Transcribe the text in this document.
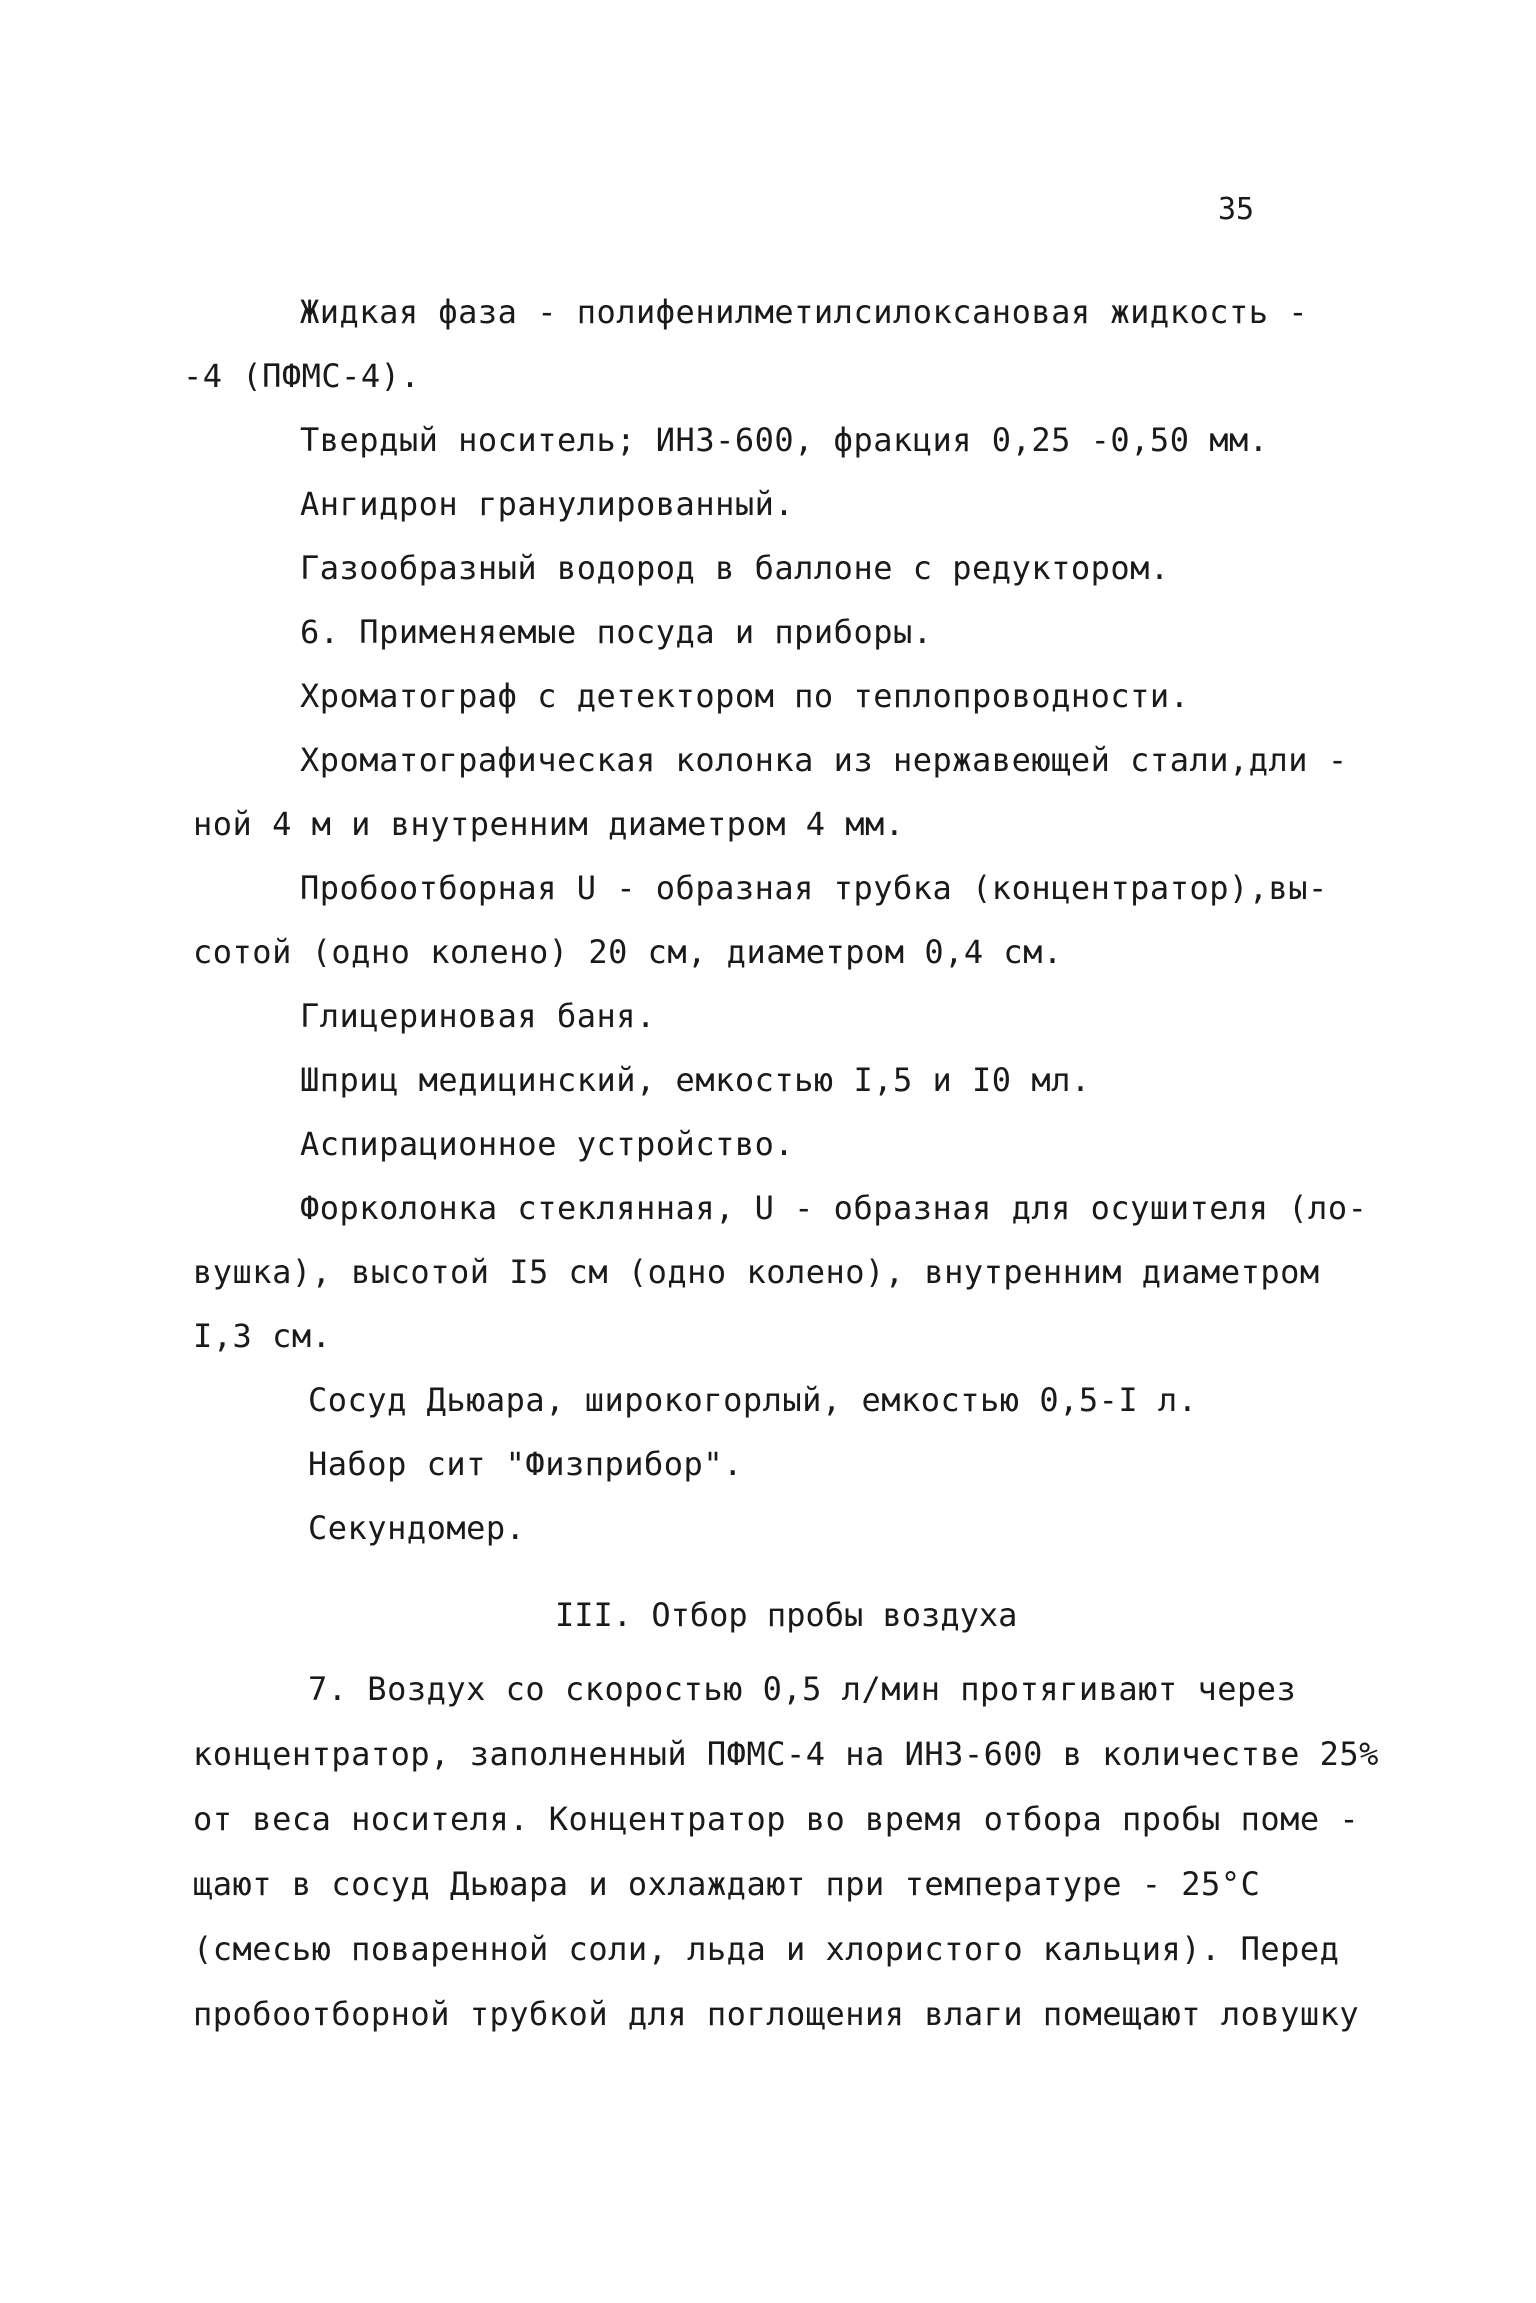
35
Жидкая фаза - полифенилметилсилоксановая жидкость -
-4 (ПФМС-4).
Твердый носитель; ИНЗ-600, фракция 0,25 -0,50 мм.
Ангидрон гранулированный.
Газообразный водород в баллоне с редуктором.
6. Применяемые посуда и приборы.
Хроматограф с детектором по теплопроводности.
Хроматографическая колонка из нержавеющей стали,дли -
ной 4 м и внутренним диаметром 4 мм.
Пробоотборная U - образная трубка (концентратор),вы-
сотой (одно колено) 20 см, диаметром 0,4 см.
Глицериновая баня.
Шприц медицинский, емкостью I,5 и I0 мл.
Аспирационное устройство.
Форколонка стеклянная, U - образная для осушителя (ло-
вушка), высотой I5 см (одно колено), внутренним диаметром
I,3 см.
Сосуд Дьюара, широкогорлый, емкостью 0,5-I л.
Набор сит "Физприбор".
Секундомер.
III. Отбор пробы воздуха
7. Воздух со скоростью 0,5 л/мин протягивают через
концентратор, заполненный ПФМС-4 на ИНЗ-600 в количестве 25%
от веса носителя. Концентратор во время отбора пробы поме -
щают в сосуд Дьюара и охлаждают при температуре - 25°С
(смесью поваренной соли, льда и хлористого кальция). Перед
пробоотборной трубкой для поглощения влаги помещают ловушку
